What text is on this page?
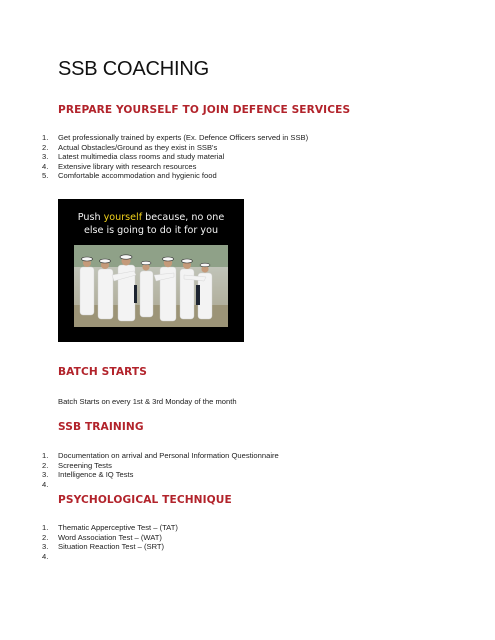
SSB COACHING
PREPARE YOURSELF TO JOIN DEFENCE SERVICES
1.	Get professionally trained by experts (Ex. Defence Officers served in SSB)
2.	Actual Obstacles/Ground as they exist in SSB's
3.	Latest multimedia class rooms and study material
4.	Extensive library with research resources
5.	Comfortable accommodation and hygienic food
Push yourself because, no one
else is going to do it for you
BATCH STARTS

Batch Starts on every 1st & 3rd Monday of the month

SSB TRAINING
1.	Documentation on arrival and Personal Information Questionnaire
2.	Screening Tests
3.	Intelligence & IQ Tests
4.
PSYCHOLOGICAL TECHNIQUE
1.	Thematic Apperceptive Test – (TAT)
2.	Word Association Test – (WAT)
3.	Situation Reaction Test – (SRT)
4.
